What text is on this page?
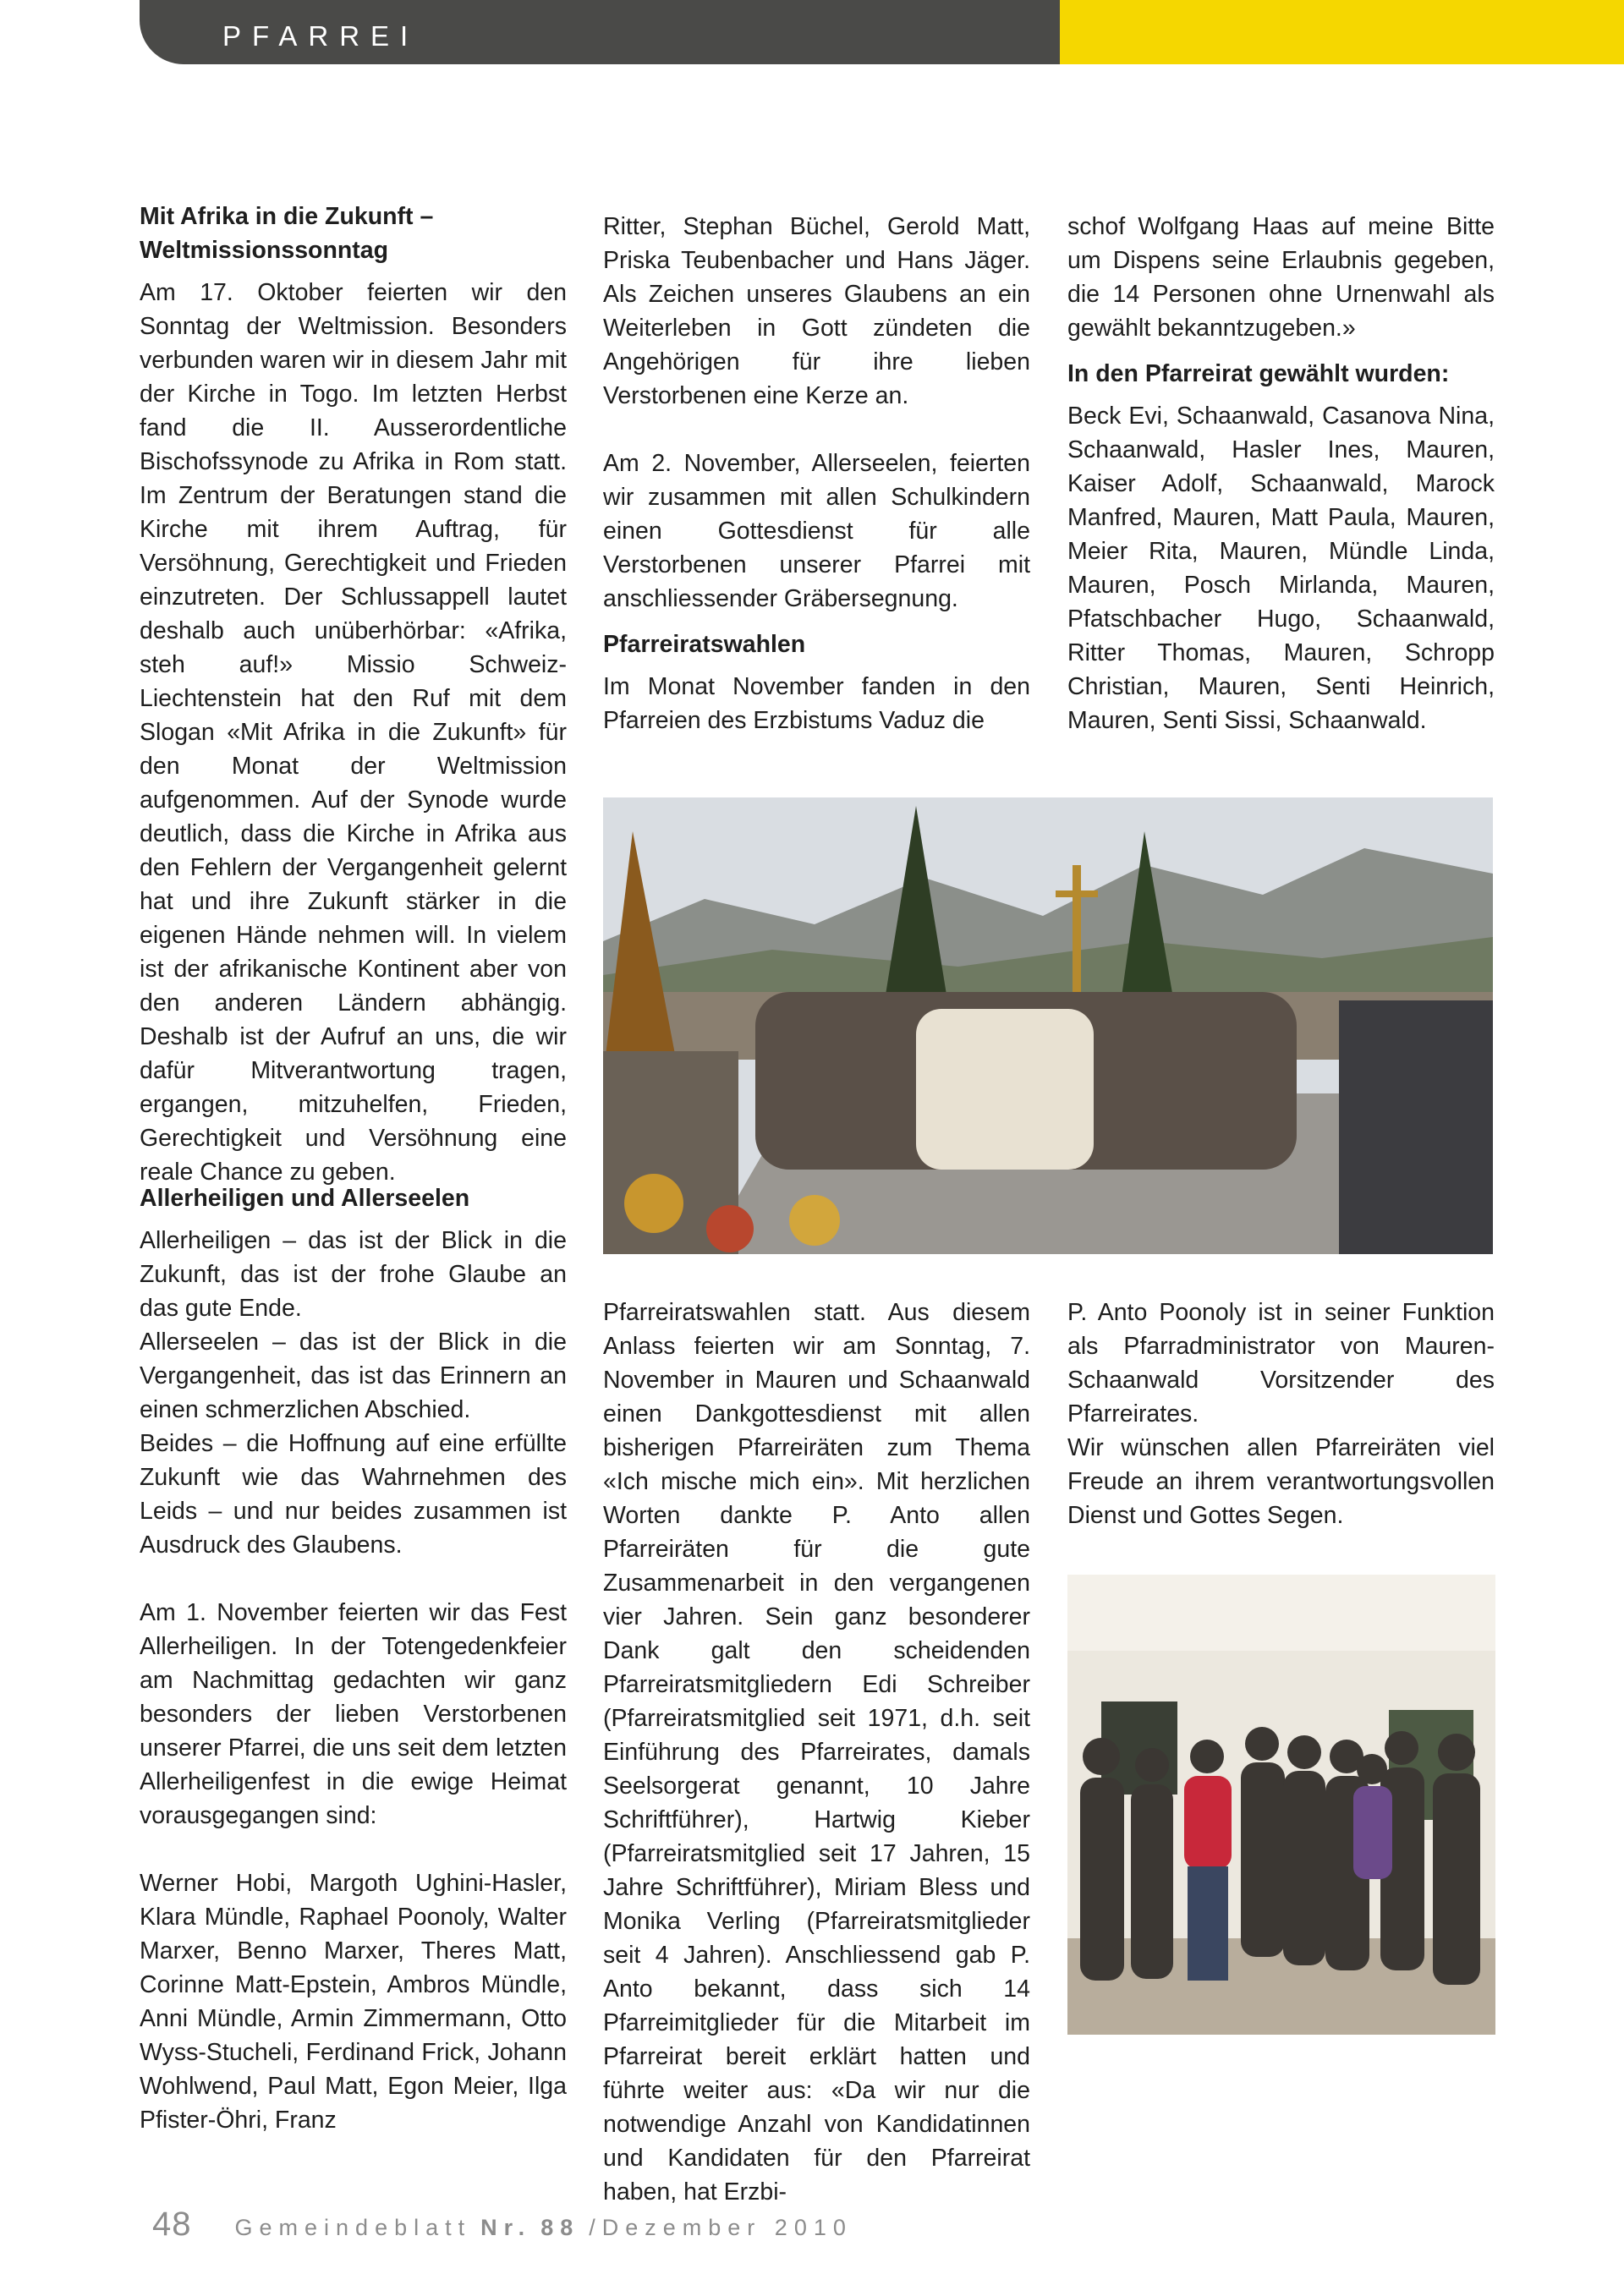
PFARREI

Mit Afrika in die Zukunft – Weltmissionssonntag

Am 17. Oktober feierten wir den Sonntag der Weltmission. Besonders verbunden waren wir in diesem Jahr mit der Kirche in Togo. Im letzten Herbst fand die II. Ausserordentliche Bischofssynode zu Afrika in Rom statt. Im Zentrum der Beratungen stand die Kirche mit ihrem Auftrag, für Versöhnung, Gerechtigkeit und Frieden einzutreten. Der Schlussappell lautet deshalb auch unüberhörbar: «Afrika, steh auf!» Missio Schweiz-Liechtenstein hat den Ruf mit dem Slogan «Mit Afrika in die Zukunft» für den Monat der Weltmission aufgenommen. Auf der Synode wurde deutlich, dass die Kirche in Afrika aus den Fehlern der Vergangenheit gelernt hat und ihre Zukunft stärker in die eigenen Hände nehmen will. In vielem ist der afrikanische Kontinent aber von den anderen Ländern abhängig. Deshalb ist der Aufruf an uns, die wir dafür Mitverantwortung tragen, ergangen, mitzuhelfen, Frieden, Gerechtigkeit und Versöhnung eine reale Chance zu geben.

Allerheiligen und Allerseelen

Allerheiligen – das ist der Blick in die Zukunft, das ist der frohe Glaube an das gute Ende.

Allerseelen – das ist der Blick in die Vergangenheit, das ist das Erinnern an einen schmerzlichen Abschied.

Beides – die Hoffnung auf eine erfüllte Zukunft wie das Wahrnehmen des Leids – und nur beides zusammen ist Ausdruck des Glaubens.

Am 1. November feierten wir das Fest Allerheiligen. In der Totengedenkfeier am Nachmittag gedachten wir ganz besonders der lieben Verstorbenen unserer Pfarrei, die uns seit dem letzten Allerheiligenfest in die ewige Heimat vorausgegangen sind:

Werner Hobi, Margoth Ughini-Hasler, Klara Mündle, Raphael Poonoly, Walter Marxer, Benno Marxer, Theres Matt, Corinne Matt-Epstein, Ambros Mündle, Anni Mündle, Armin Zimmermann, Otto Wyss-Stucheli, Ferdinand Frick, Johann Wohlwend, Paul Matt, Egon Meier, Ilga Pfister-Öhri, Franz

Ritter, Stephan Büchel, Gerold Matt, Priska Teubenbacher und Hans Jäger. Als Zeichen unseres Glaubens an ein Weiterleben in Gott zündeten die Angehörigen für ihre lieben Verstorbenen eine Kerze an.

Am 2. November, Allerseelen, feierten wir zusammen mit allen Schulkindern einen Gottesdienst für alle Verstorbenen unserer Pfarrei mit anschliessender Gräbersegnung.

Pfarreiratswahlen

Im Monat November fanden in den Pfarreien des Erzbistums Vaduz die

Pfarreiratswahlen statt. Aus diesem Anlass feierten wir am Sonntag, 7. November in Mauren und Schaanwald einen Dankgottesdienst mit allen bisherigen Pfarreiräten zum Thema «Ich mische mich ein». Mit herzlichen Worten dankte P. Anto allen Pfarreiräten für die gute Zusammenarbeit in den vergangenen vier Jahren. Sein ganz besonderer Dank galt den scheidenden Pfarreiratsmitgliedern Edi Schreiber (Pfarreiratsmitglied seit 1971, d.h. seit Einführung des Pfarreirates, damals Seelsorgerat genannt, 10 Jahre Schriftführer), Hartwig Kieber (Pfarreiratsmitglied seit 17 Jahren, 15 Jahre Schriftführer), Miriam Bless und Monika Verling (Pfarreiratsmitglieder seit 4 Jahren). Anschliessend gab P. Anto bekannt, dass sich 14 Pfarreimitglieder für die Mitarbeit im Pfarreirat bereit erklärt hatten und führte weiter aus: «Da wir nur die notwendige Anzahl von Kandidatinnen und Kandidaten für den Pfarreirat haben, hat Erzbi-

schof Wolfgang Haas auf meine Bitte um Dispens seine Erlaubnis gegeben, die 14 Personen ohne Urnenwahl als gewählt bekanntzugeben.»

In den Pfarreirat gewählt wurden:

Beck Evi, Schaanwald, Casanova Nina, Schaanwald, Hasler Ines, Mauren, Kaiser Adolf, Schaanwald, Marock Manfred, Mauren, Matt Paula, Mauren, Meier Rita, Mauren, Mündle Linda, Mauren, Posch Mirlanda, Mauren, Pfatschbacher Hugo, Schaanwald, Ritter Thomas, Mauren, Schropp Christian, Mauren, Senti Heinrich, Mauren, Senti Sissi, Schaanwald.

P. Anto Poonoly ist in seiner Funktion als Pfarradministrator von Mauren-Schaanwald Vorsitzender des Pfarreirates.

Wir wünschen allen Pfarreiräten viel Freude an ihrem verantwortungsvollen Dienst und Gottes Segen.

48 Gemeindeblatt Nr. 88 /Dezember 2010
